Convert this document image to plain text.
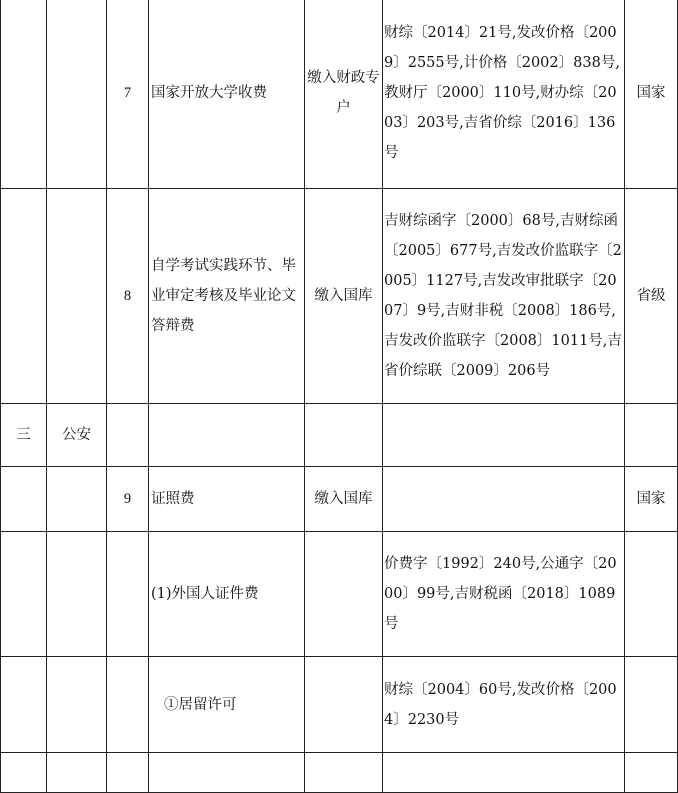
		7	国家开放大学收费	缴入财政专户	财综〔2014〕21号,发改价格〔2009〕2555号,计价格〔2002〕838号,教财厅〔2000〕110号,财办综〔2003〕203号,吉省价综〔2016〕136号	国家
		8	自学考试实践环节、毕业审定考核及毕业论文答辩费	缴入国库	吉财综函字〔2000〕68号,吉财综函〔2005〕677号,吉发改价监联字〔2005〕1127号,吉发改审批联字〔2007〕9号,吉财非税〔2008〕186号,吉发改价监联字〔2008〕1011号,吉省价综联〔2009〕206号	省级
三	公安					
		9	证照费	缴入国库		国家
			(1)外国人证件费		价费字〔1992〕240号,公通字〔2000〕99号,吉财税函〔2018〕1089号	
			①居留许可		财综〔2004〕60号,发改价格〔2004〕2230号	
